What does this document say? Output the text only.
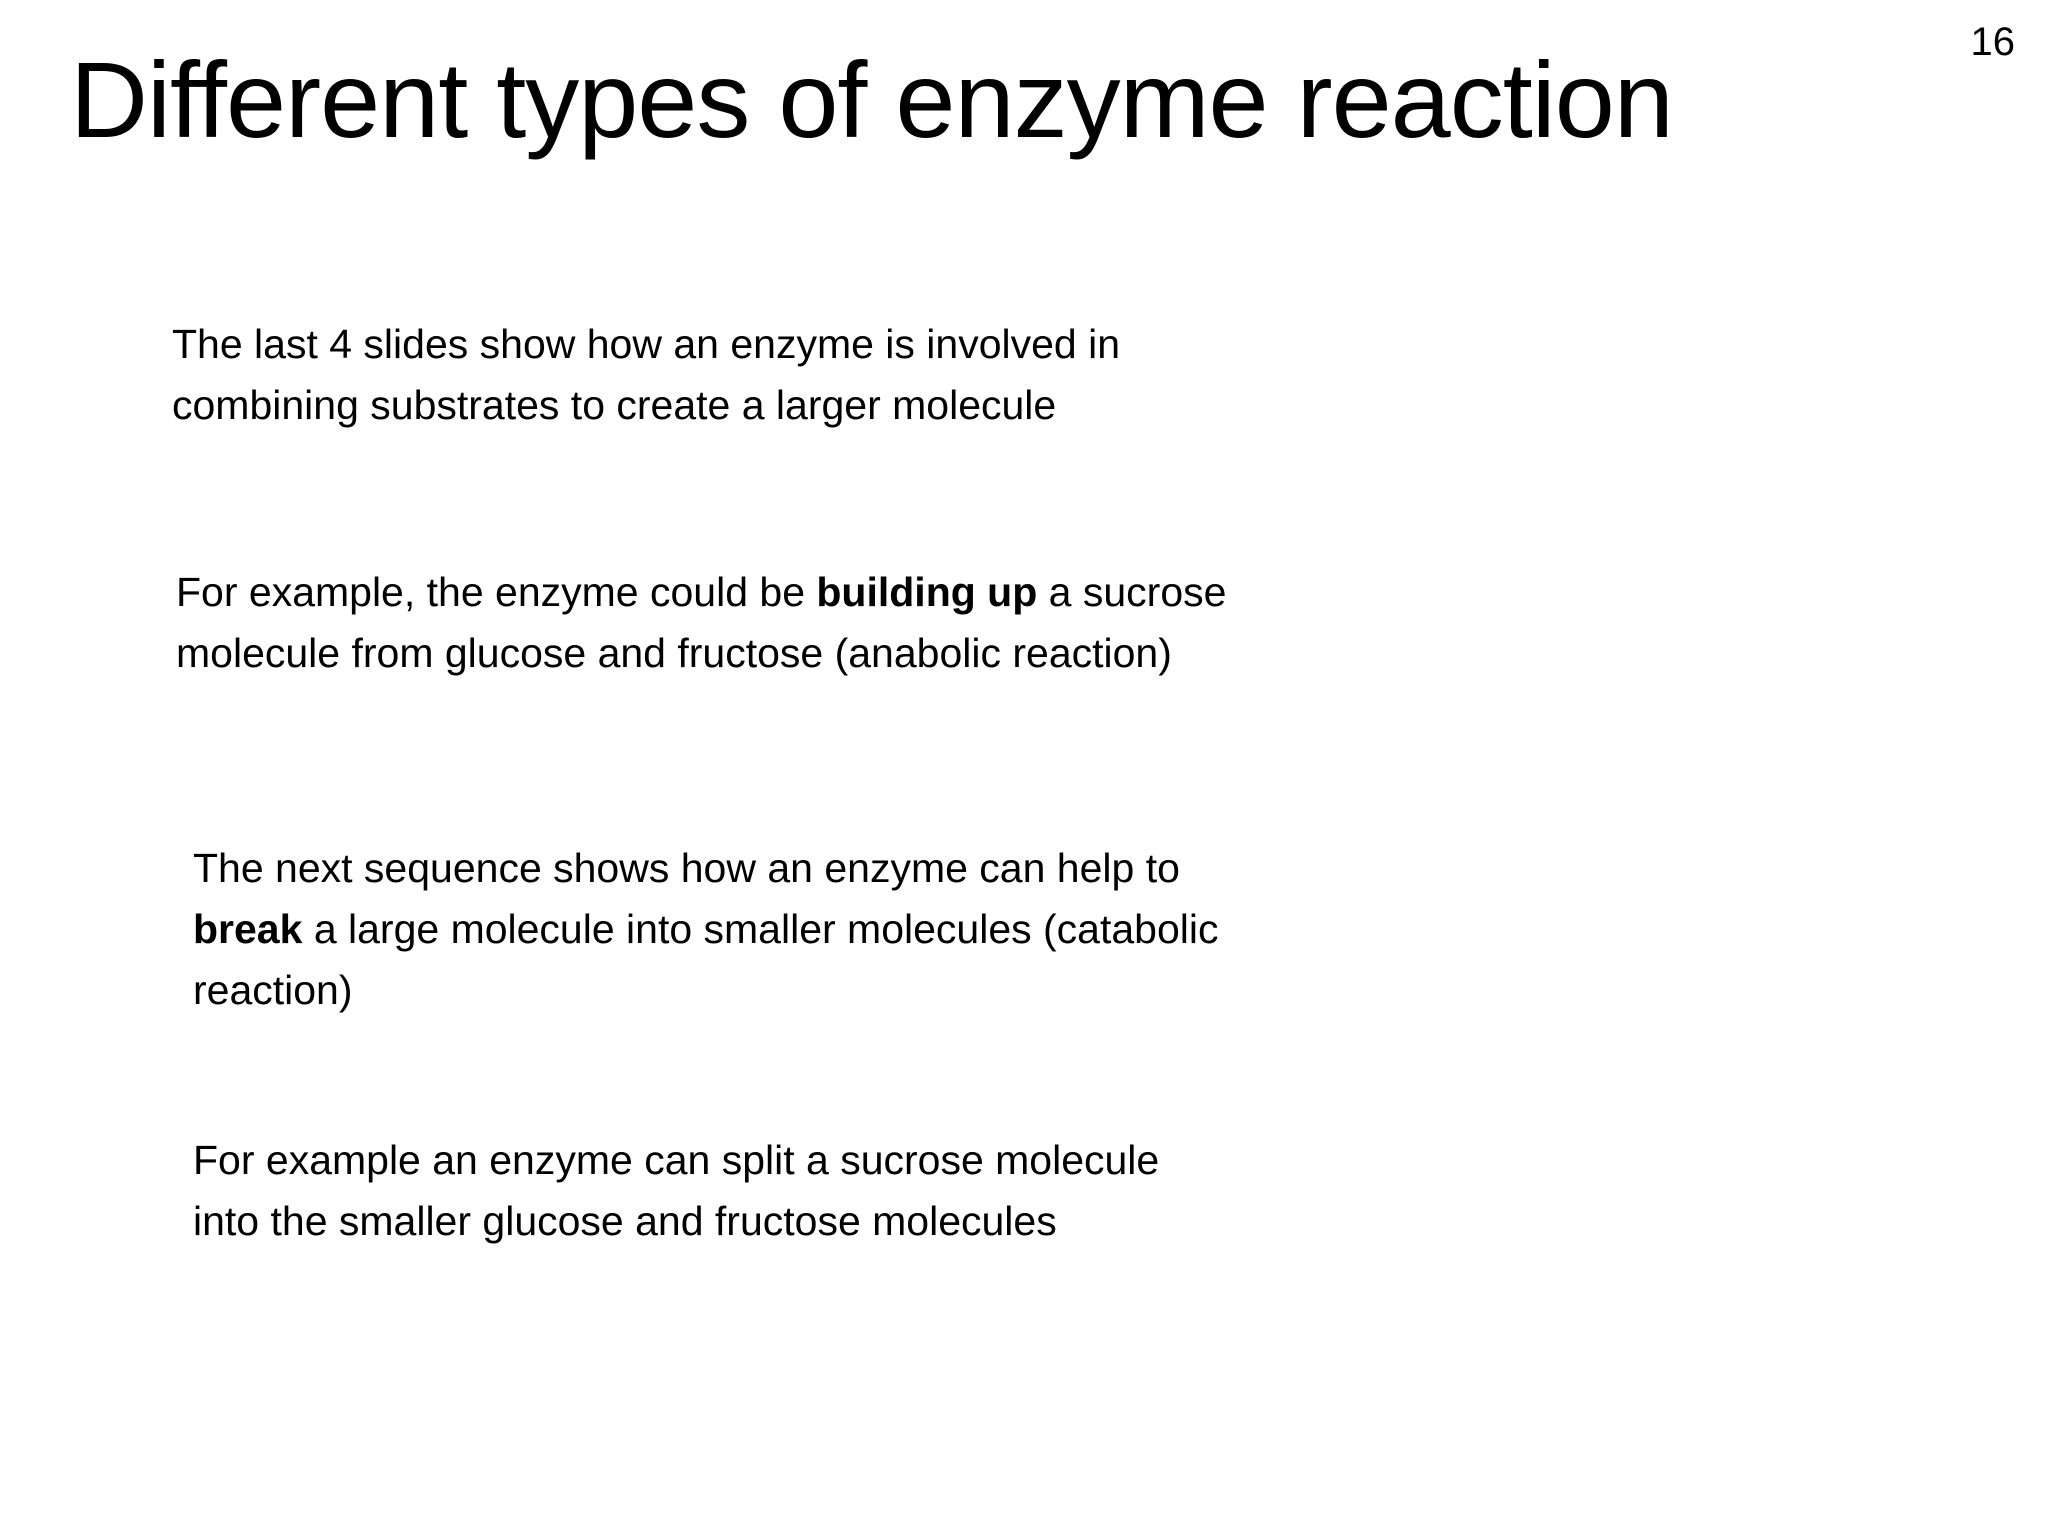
Different types of enzyme reaction	16

The last 4 slides show how an enzyme is involved in
combining substrates to create a larger molecule

For example, the enzyme could be building up a sucrose
molecule from glucose and fructose (anabolic reaction)

The next sequence shows how an enzyme can help to
break a large molecule into smaller molecules (catabolic
reaction)

For example an enzyme can split a sucrose molecule
into the smaller glucose and fructose molecules
